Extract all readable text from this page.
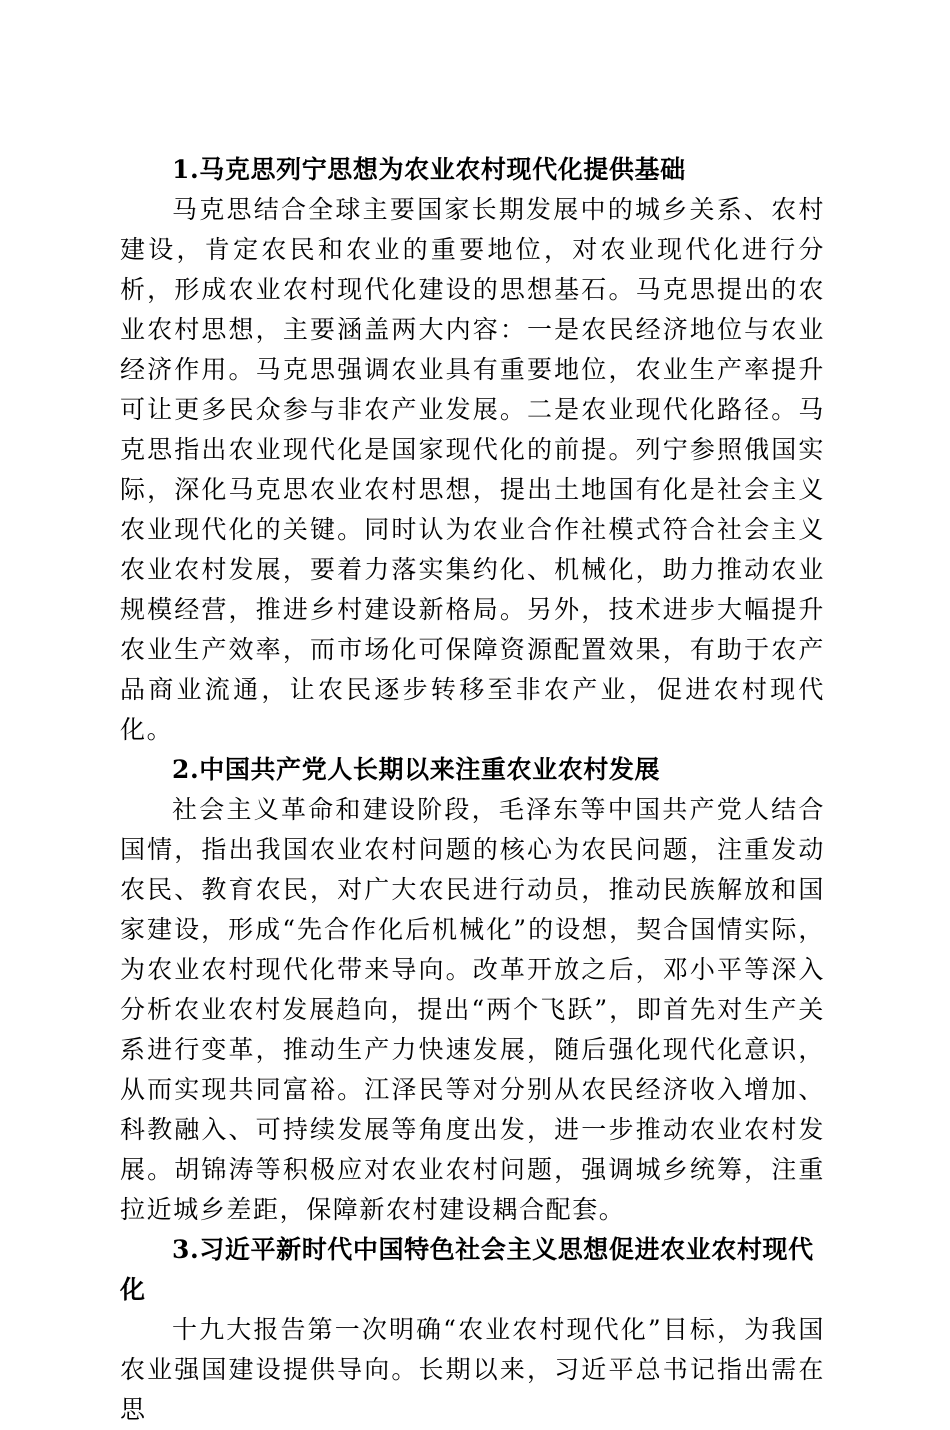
1.马克思列宁思想为农业农村现代化提供基础

马克思结合全球主要国家长期发展中的城乡关系、农村建设，肯定农民和农业的重要地位，对农业现代化进行分析，形成农业农村现代化建设的思想基石。马克思提出的农业农村思想，主要涵盖两大内容：一是农民经济地位与农业经济作用。马克思强调农业具有重要地位，农业生产率提升可让更多民众参与非农产业发展。二是农业现代化路径。马克思指出农业现代化是国家现代化的前提。列宁参照俄国实际，深化马克思农业农村思想，提出土地国有化是社会主义农业现代化的关键。同时认为农业合作社模式符合社会主义农业农村发展，要着力落实集约化、机械化，助力推动农业规模经营，推进乡村建设新格局。另外，技术进步大幅提升农业生产效率，而市场化可保障资源配置效果，有助于农产品商业流通，让农民逐步转移至非农产业，促进农村现代化。

2.中国共产党人长期以来注重农业农村发展

社会主义革命和建设阶段，毛泽东等中国共产党人结合国情，指出我国农业农村问题的核心为农民问题，注重发动农民、教育农民，对广大农民进行动员，推动民族解放和国家建设，形成“先合作化后机械化”的设想，契合国情实际，为农业农村现代化带来导向。改革开放之后，邓小平等深入分析农业农村发展趋向，提出“两个飞跃”，即首先对生产关系进行变革，推动生产力快速发展，随后强化现代化意识，从而实现共同富裕。江泽民等对分别从农民经济收入增加、科教融入、可持续发展等角度出发，进一步推动农业农村发展。胡锦涛等积极应对农业农村问题，强调城乡统筹，注重拉近城乡差距，保障新农村建设耦合配套。

3.习近平新时代中国特色社会主义思想促进农业农村现代化

十九大报告第一次明确“农业农村现代化”目标，为我国农业强国建设提供导向。长期以来，习近平总书记指出需在思
